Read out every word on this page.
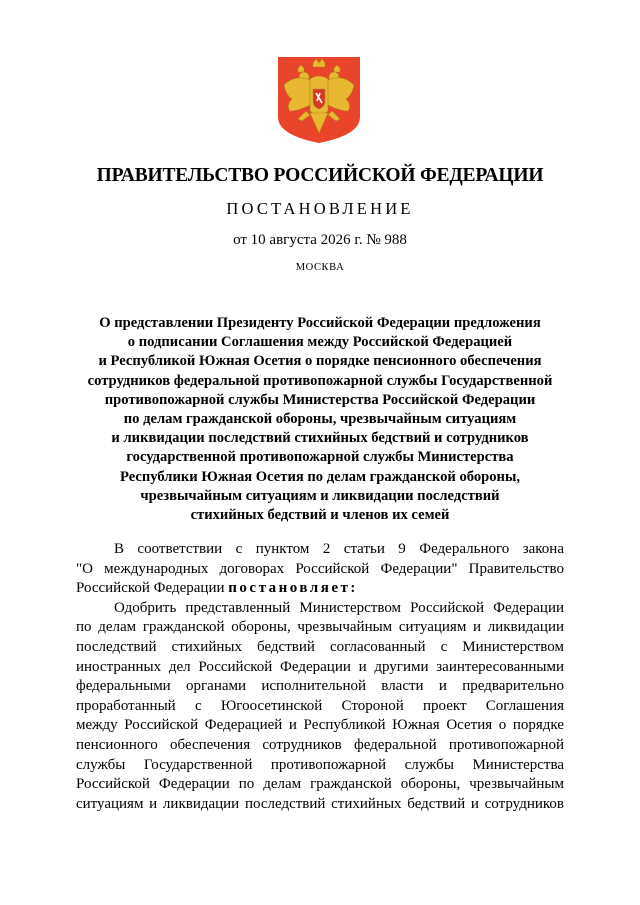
ПРАВИТЕЛЬСТВО РОССИЙСКОЙ ФЕДЕРАЦИИ
ПОСТАНОВЛЕНИЕ
от 10 августа 2026 г. № 988
МОСКВА
О представлении Президенту Российской Федерации предложения
о подписании Соглашения между Российской Федерацией
и Республикой Южная Осетия о порядке пенсионного обеспечения
сотрудников федеральной противопожарной службы Государственной
противопожарной службы Министерства Российской Федерации
по делам гражданской обороны, чрезвычайным ситуациям
и ликвидации последствий стихийных бедствий и сотрудников
государственной противопожарной службы Министерства
Республики Южная Осетия по делам гражданской обороны,
чрезвычайным ситуациям и ликвидации последствий
стихийных бедствий и членов их семей
В соответствии с пунктом 2 статьи 9 Федерального закона
"О международных договорах Российской Федерации" Правительство
Российской Федерации постановляет:
Одобрить представленный Министерством Российской Федерации
по делам гражданской обороны, чрезвычайным ситуациям и ликвидации
последствий стихийных бедствий согласованный с Министерством
иностранных дел Российской Федерации и другими заинтересованными
федеральными органами исполнительной власти и предварительно
проработанный с Югоосетинской Стороной проект Соглашения
между Российской Федерацией и Республикой Южная Осетия о порядке
пенсионного обеспечения сотрудников федеральной противопожарной
службы Государственной противопожарной службы Министерства
Российской Федерации по делам гражданской обороны, чрезвычайным
ситуациям и ликвидации последствий стихийных бедствий и сотрудников
